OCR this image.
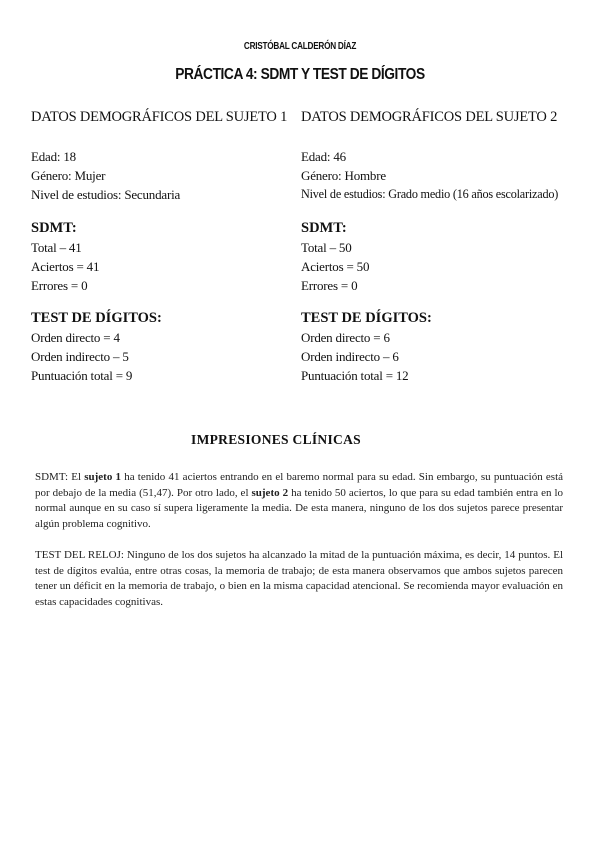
CRISTÓBAL CALDERÓN DÍAZ
PRÁCTICA 4: SDMT Y TEST DE DÍGITOS
DATOS DEMOGRÁFICOS DEL SUJETO 1
Edad: 18
Género: Mujer
Nivel de estudios: Secundaria
SDMT:
Total – 41
Aciertos = 41
Errores = 0
TEST DE DÍGITOS:
Orden directo = 4
Orden indirecto – 5
Puntuación total = 9
DATOS DEMOGRÁFICOS DEL SUJETO 2
Edad: 46
Género: Hombre
Nivel de estudios: Grado medio (16 años escolarizado)
SDMT:
Total – 50
Aciertos = 50
Errores = 0
TEST DE DÍGITOS:
Orden directo = 6
Orden indirecto – 6
Puntuación total = 12
IMPRESIONES CLÍNICAS
SDMT: El sujeto 1 ha tenido 41 aciertos entrando en el baremo normal para su edad. Sin embargo, su puntuación está por debajo de la media (51,47). Por otro lado, el sujeto 2 ha tenido 50 aciertos, lo que para su edad también entra en lo normal aunque en su caso sí supera ligeramente la media. De esta manera, ninguno de los dos sujetos parece presentar algún problema cognitivo.
TEST DEL RELOJ: Ninguno de los dos sujetos ha alcanzado la mitad de la puntuación máxima, es decir, 14 puntos. El test de dígitos evalúa, entre otras cosas, la memoria de trabajo; de esta manera observamos que ambos sujetos parecen tener un déficit en la memoria de trabajo, o bien en la misma capacidad atencional. Se recomienda mayor evaluación en estas capacidades cognitivas.
